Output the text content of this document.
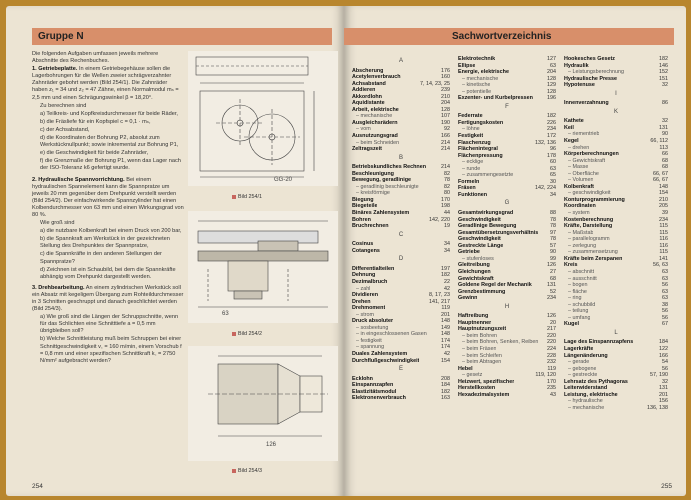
Gruppe N

Die folgenden Aufgaben umfassen jeweils mehrere Abschnitte des Rechenbuches.

1. Getriebeplatte. In einem Getriebegehäuse sollen die Lagerbohrungen für die Wellen zweier schrägverzahnter Zahnräder gebohrt werden (Bild 254/1). Die Zahnräder haben z₁ = 34 und z₂ = 47 Zähne, einen Normalmodul mₙ = 2,5 mm und einen Schrägungswinkel β = 18,20°.

Zu berechnen sind

a) Teilkreis- und Kopfkreisdurchmesser für beide Räder,

b) die Fräsliefe für ein Kopfspiel c = 0,1 · mₙ,

c) der Achsabstand,

d) die Koordinaten der Bohrung P2, absolut zum Werkstücknullpunkt; sowie inkremental zur Bohrung P1,

e) die Geschwindigkeit für beide Zahnräder,

f) die Grenzmaße der Bohrung P1, wenn das Lager nach der ISO-Toleranz k6 gefertigt wurde.

2. Hydraulische Spannvorrichtung. Bei einem hydraulischen Spannelement kann die Spannpratze um jeweils 20 mm gegenüber dem Drehpunkt verstellt werden (Bild 254/2). Der einfachwirkende Spannzylinder hat einen Kolbendurchmesser von 63 mm und einen Wirkungsgrad von 80 %.

Wie groß sind

a) die nutzbare Kolbenkraft bei einem Druck von 200 bar,

b) die Spannkraft am Werkstück in der gezeichneten Stellung des Drehpunktes der Spannpratze,

c) die Spannkräfte in den anderen Stellungen der Spannpratze?

d) Zeichnen ist ein Schaubild, bei dem die Spannkräfte abhängig vom Drehpunkt dargestellt werden.

3. Drehbearbeitung. An einem zylindrischen Werkstück soll ein Absatz mit kegeligem Übergang zum Rohteildurchmesser in 3 Schnitten geschruppt und danach geschlichtet werden (Bild 254/3).

a) Wie groß sind die Längen der Schruppschnitte, wenn für das Schlichten eine Schnitttiefe a = 0,5 mm übrigbleiben soll?

b) Welche Schnittleistung muß beim Schruppen bei einer Schnittgeschwindigkeit v꜀ = 160 m/min, einem Vorschub f = 0,8 mm und einer spezifischen Schnittkraft k꜀ = 2750 N/mm² aufgebracht werden?

GG-20
Bild 254/1
63
Bild 254/2
126
Bild 254/3
254
Sachwortverzeichnis
A
Abscherung	176
Acetylenverbrauch	160
Achsabstand	7, 14, 23, 25
Addieren	239
Akkordlohn	210
Äquidistante	204
Arbeit, elektrische	128
– mechanische	107
Ausgleichsrädern	190
– vom	92
Ausnutzungsgrad	166
– beim Schneiden	214
Zeltragszeit	214
B
Betriebskundliches Rechnen	214
Beschleunigung	82
Bewegung, geradlinige	78
– geradlinig beschleunigte	82
– kreisförmige	80
Biegung	170
Biegeteile	198
Binäres Zahlensystem	44
Bohren	142, 220
Bruchrechnen	19
C
Cosinus	34
Cotangens	34
D
Differentialteilen	197
Dehnung	182
Dezimalbruch	22
– zahl	42
Dividieren	8, 17, 23
Drehen	141, 217
Drehmoment	119
– strom	201
Druck absoluter	148
– sosbeetung	149
– in eingeschlossenen Gasen	148
– festigkeit	174
– spannung	174
Duales Zahlensystem	42
Durchflußgeschwindigkeit	154
E
Ecklohn	208
Einspannzapfen	184
Elastizitätsmodul	182
Elektronenverbrauch	163
Elektrotechnik	127
Ellipse	63
Energie, elektrische	204
– mechanische	128
– kinetische	129
– potentielle	128
Exzenter- und Kurbelpressen	196
F
Federrate	182
Fertigungskosten	226
– löhne	234
Festigkeit	172
Flaschenzug	132, 136
Flächenintegral	96
Flächenpressung	178
– ecklige	60
– runde	63
– zusammengesetzte	65
Formeln	30
Fräsen	142, 224
Funktionen	34
G
Gesamtwirkungsgrad	88
Geschwindigkeit	78
Geradlinige Bewegung	78
Gesamtübersetzungsverhältnis	97
Geschwindigkeit	78
Gestreckte Länge	57
Getriebe	90
– stufenloses	99
Gleitreibung	126
Gleichungen	27
Gewichtskraft	68
Goldene Regel der Mechanik	131
Grenzbestimmung	52
Gewinn	234
H
Haftreibung	126
Hauptnenner	20
Hauptnutzungszeit	217
– beim Bohren	220
– beim Bohren, Senken, Reiben	220
– beim Fräsen	224
– beim Schleifen	228
– beim Abtragen	232
Hebel	119
– gesetz	119, 120
Heizwert, spezifischer	170
Herstellkosten	235
Hexadezimalsystem	43
Hookesches Gesetz	182
Hydraulik	146
– Leistungsberechnung	152
Hydraulische Presse	151
Hypotenuse	32
I
Innenverzahnung	86
K
Kathete	32
Keil	131
– riementrieb	90
Kegel	66, 112
– drehen	113
Körperberechnungen	66
– Gewichtskraft	68
– Masse	68
– Oberfläche	66, 67
– Volumen	66, 67
Kolbenkraft	148
– geschwindigkeit	154
Konturprogrammierung	210
Koordinaten	205
– system	39
Kostenberechnung	234
Kräfte, Darstellung	115
– Maßstab	115
– parallelogramm	116
– zerlegung	116
– zusammensetzung	115
Kräfte beim Zerspanen	141
Kreis	56, 63
– abschnitt	63
– ausschnitt	63
– bogen	56
– fläche	63
– ring	63
– schubbild	38
– teilung	56
– umfang	56
Kugel	67
L
Lage des Einspannzapfens	184
Lagerkräfte	122
Längenänderung	166
– gerade	54
– gebogene	56
– gestreckte	57, 190
Lehrsatz des Pythagoras	32
Leiterwiderstand	131
Leistung, elektrische	201
– hydraulische	156
– mechanische	136, 138
255
